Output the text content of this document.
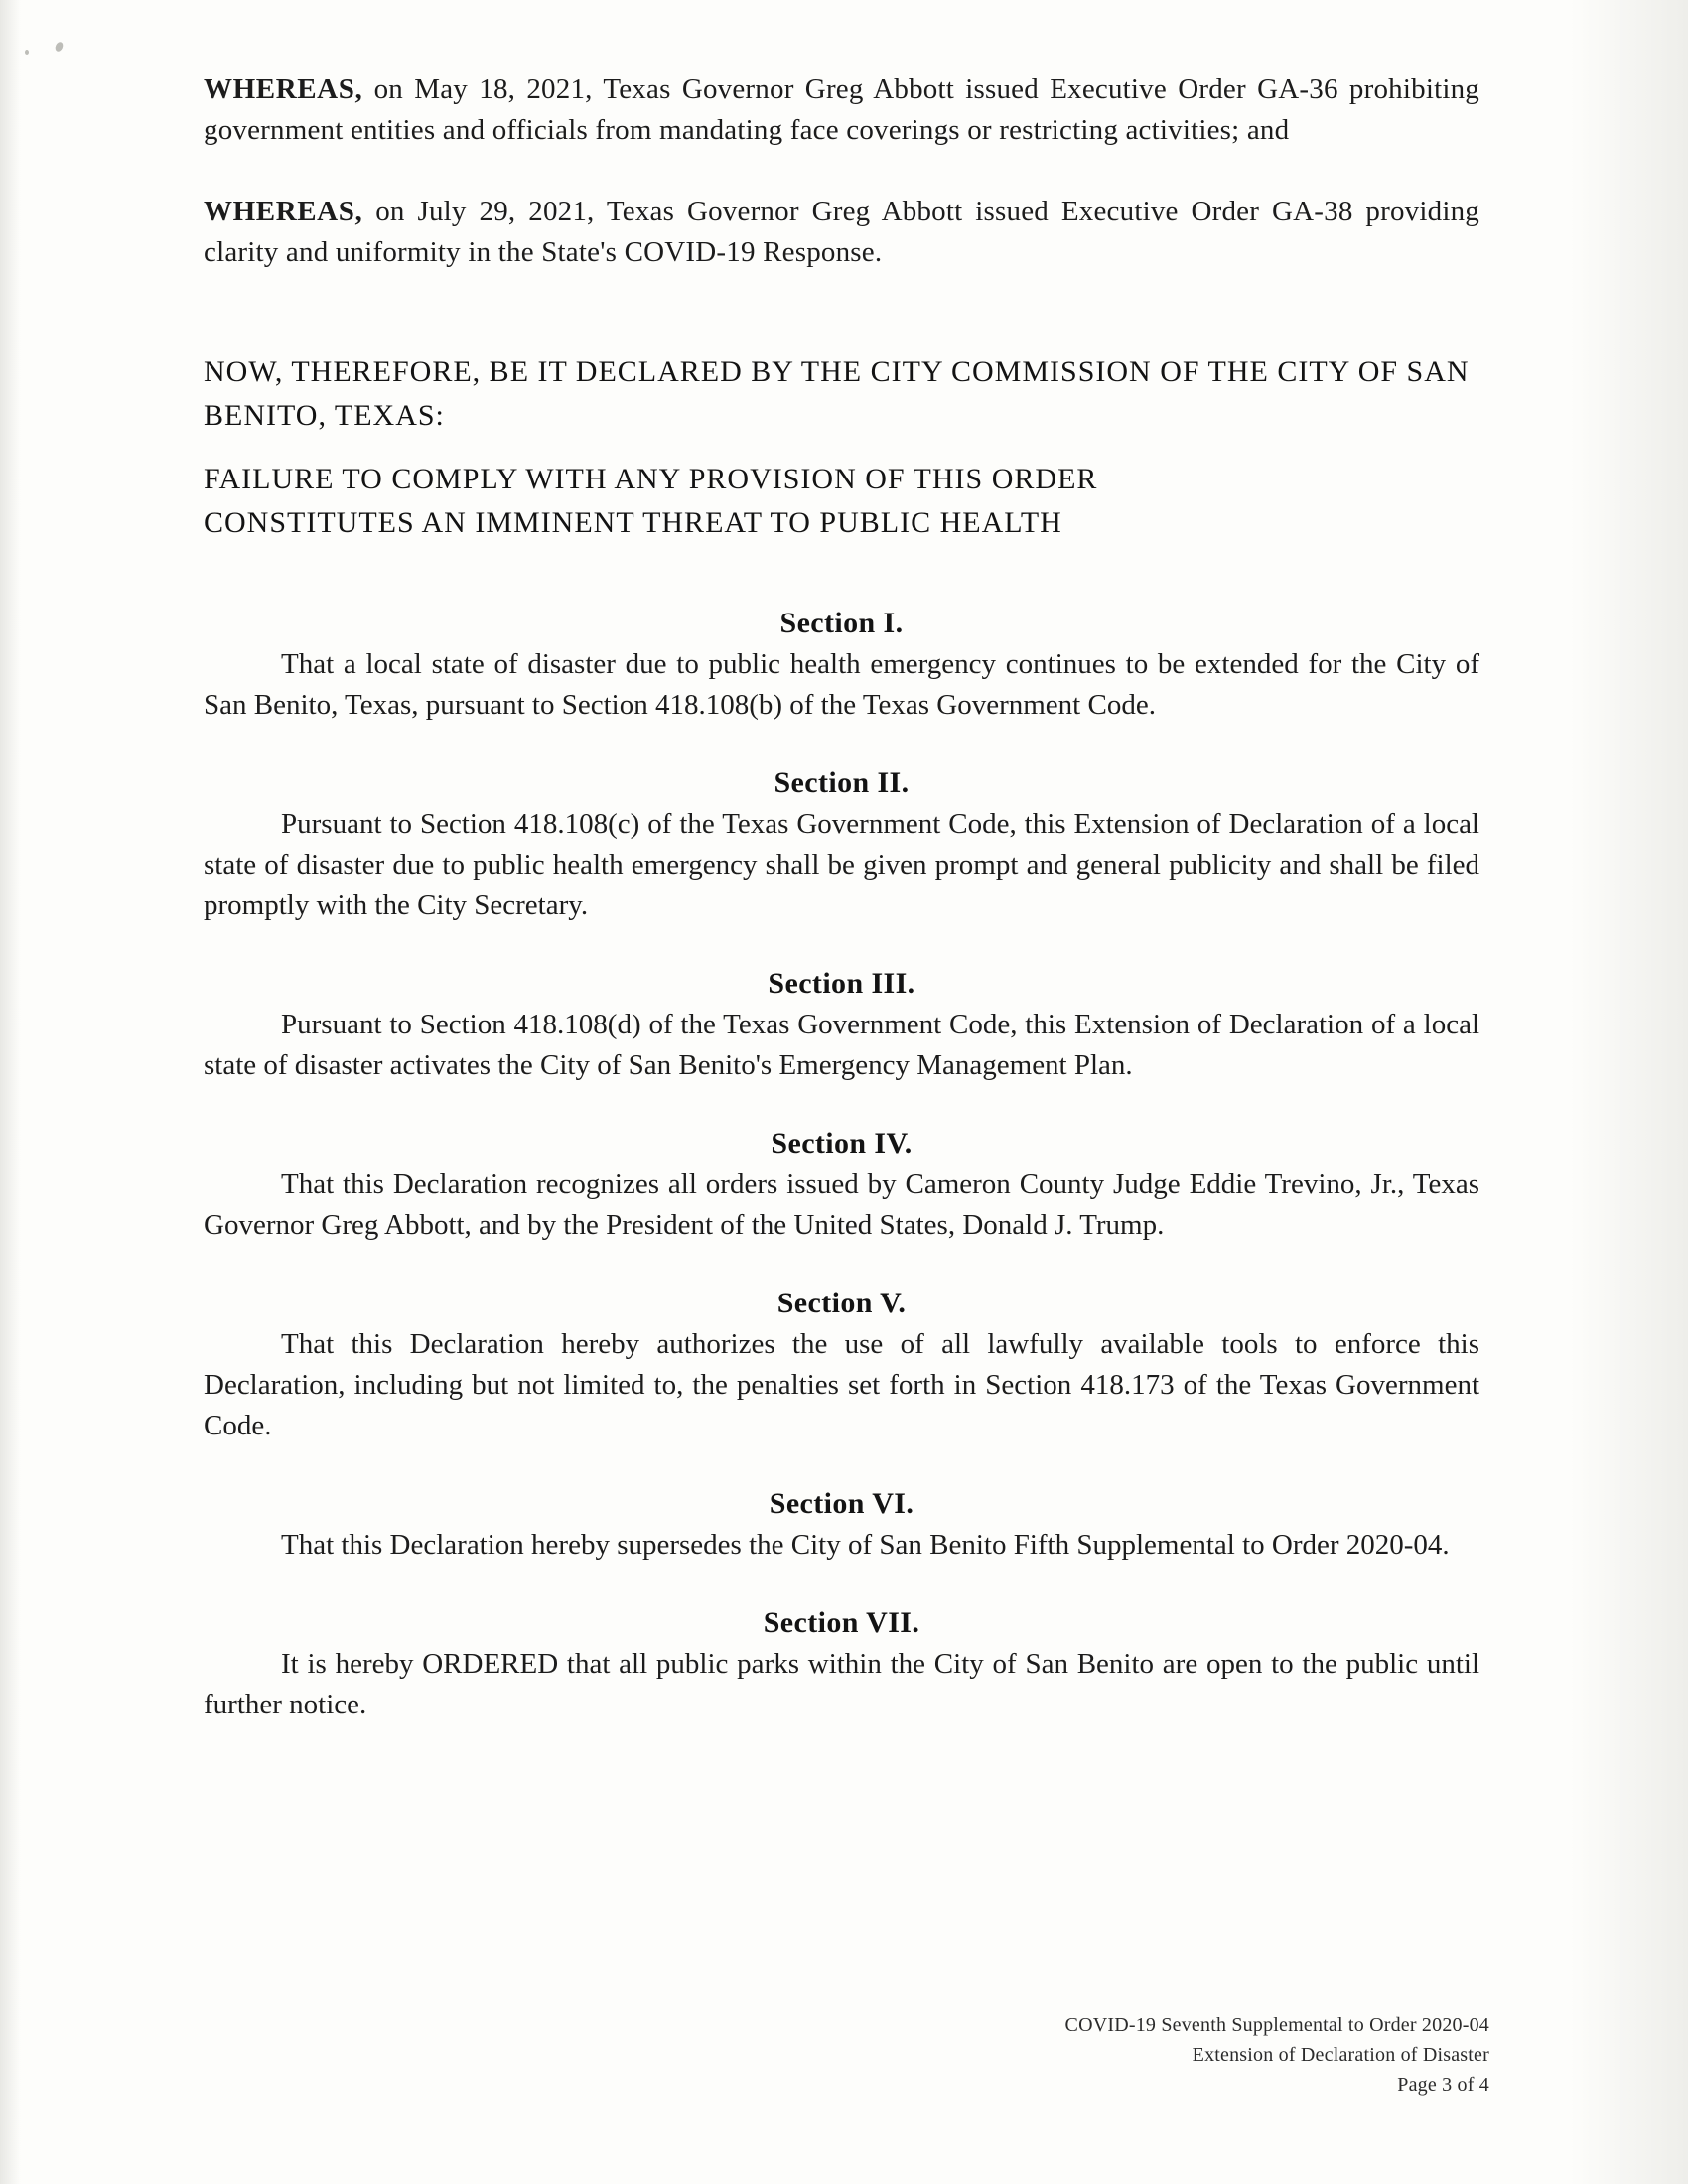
WHEREAS, on May 18, 2021, Texas Governor Greg Abbott issued Executive Order GA-36 prohibiting government entities and officials from mandating face coverings or restricting activities; and

WHEREAS, on July 29, 2021, Texas Governor Greg Abbott issued Executive Order GA-38 providing clarity and uniformity in the State's COVID-19 Response.

NOW, THEREFORE, BE IT DECLARED BY THE CITY COMMISSION OF THE CITY OF SAN BENITO, TEXAS:

FAILURE TO COMPLY WITH ANY PROVISION OF THIS ORDER

CONSTITUTES AN IMMINENT THREAT TO PUBLIC HEALTH

Section I.

That a local state of disaster due to public health emergency continues to be extended for the City of San Benito, Texas, pursuant to Section 418.108(b) of the Texas Government Code.

Section II.

Pursuant to Section 418.108(c) of the Texas Government Code, this Extension of Declaration of a local state of disaster due to public health emergency shall be given prompt and general publicity and shall be filed promptly with the City Secretary.

Section III.

Pursuant to Section 418.108(d) of the Texas Government Code, this Extension of Declaration of a local state of disaster activates the City of San Benito's Emergency Management Plan.

Section IV.

That this Declaration recognizes all orders issued by Cameron County Judge Eddie Trevino, Jr., Texas Governor Greg Abbott, and by the President of the United States, Donald J. Trump.

Section V.

That this Declaration hereby authorizes the use of all lawfully available tools to enforce this Declaration, including but not limited to, the penalties set forth in Section 418.173 of the Texas Government Code.

Section VI.

That this Declaration hereby supersedes the City of San Benito Fifth Supplemental to Order 2020-04.

Section VII.

It is hereby ORDERED that all public parks within the City of San Benito are open to the public until further notice.

COVID-19 Seventh Supplemental to Order 2020-04
Extension of Declaration of Disaster
Page 3 of 4
